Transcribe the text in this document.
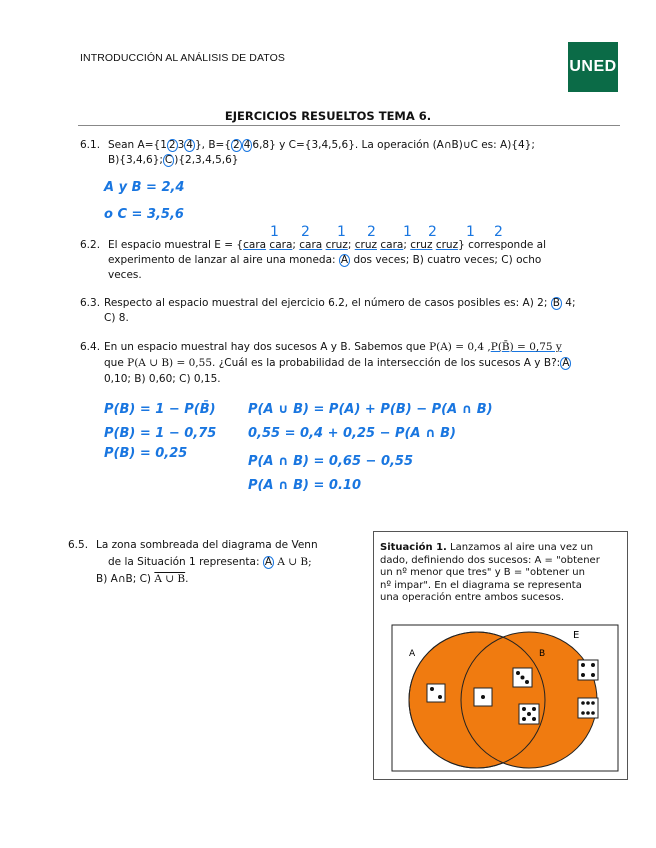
INTRODUCCIÓN AL ANÁLISIS DE DATOS	UNED
EJERCICIOS RESUELTOS TEMA 6.
6.1. Sean A={1 2 3 4 }, B={ 2 4 6,8} y C={3,4,5,6}. La operación (A∩B)∪C es: A){4};
B){3,4,6}; C ){2,3,4,5,6}
A y B = 2,4
o C = 3,5,6
1 2 1 2 1 2 1 2
6.2. El espacio muestral E = {cara cara; cara cruz; cruz cara; cruz cruz} corresponde al
experimento de lanzar al aire una moneda: A dos veces; B) cuatro veces; C) ocho
veces.
6.3. Respecto al espacio muestral del ejercicio 6.2, el número de casos posibles es: A) 2; B 4;
C) 8.
6.4. En un espacio muestral hay dos sucesos A y B. Sabemos que P(A) = 0,4 ,P(B̄) = 0,75 y
que P(A ∪ B) = 0,55. ¿Cuál es la probabilidad de la intersección de los sucesos A y B?: A
0,10; B) 0,60; C) 0,15.
P(B) = 1 − P(B̄)
P(B) = 1 − 0,75
P(B) = 0,25
P(A ∪ B) = P(A) + P(B) − P(A ∩ B)
0,55 = 0,4 + 0,25 − P(A ∩ B)
P(A ∩ B) = 0,65 − 0,55
P(A ∩ B) = 0.10
6.5. La zona sombreada del diagrama de Venn
de la Situación 1 representa: A A ∪ B;
B) A∩B; C) A ∪ B.
Situación 1. Lanzamos al aire una vez un
dado, definiendo dos sucesos: A = "obtener
un nº menor que tres" y B = "obtener un
nº impar". En el diagrama se representa
una operación entre ambos sucesos.
E
A	B
